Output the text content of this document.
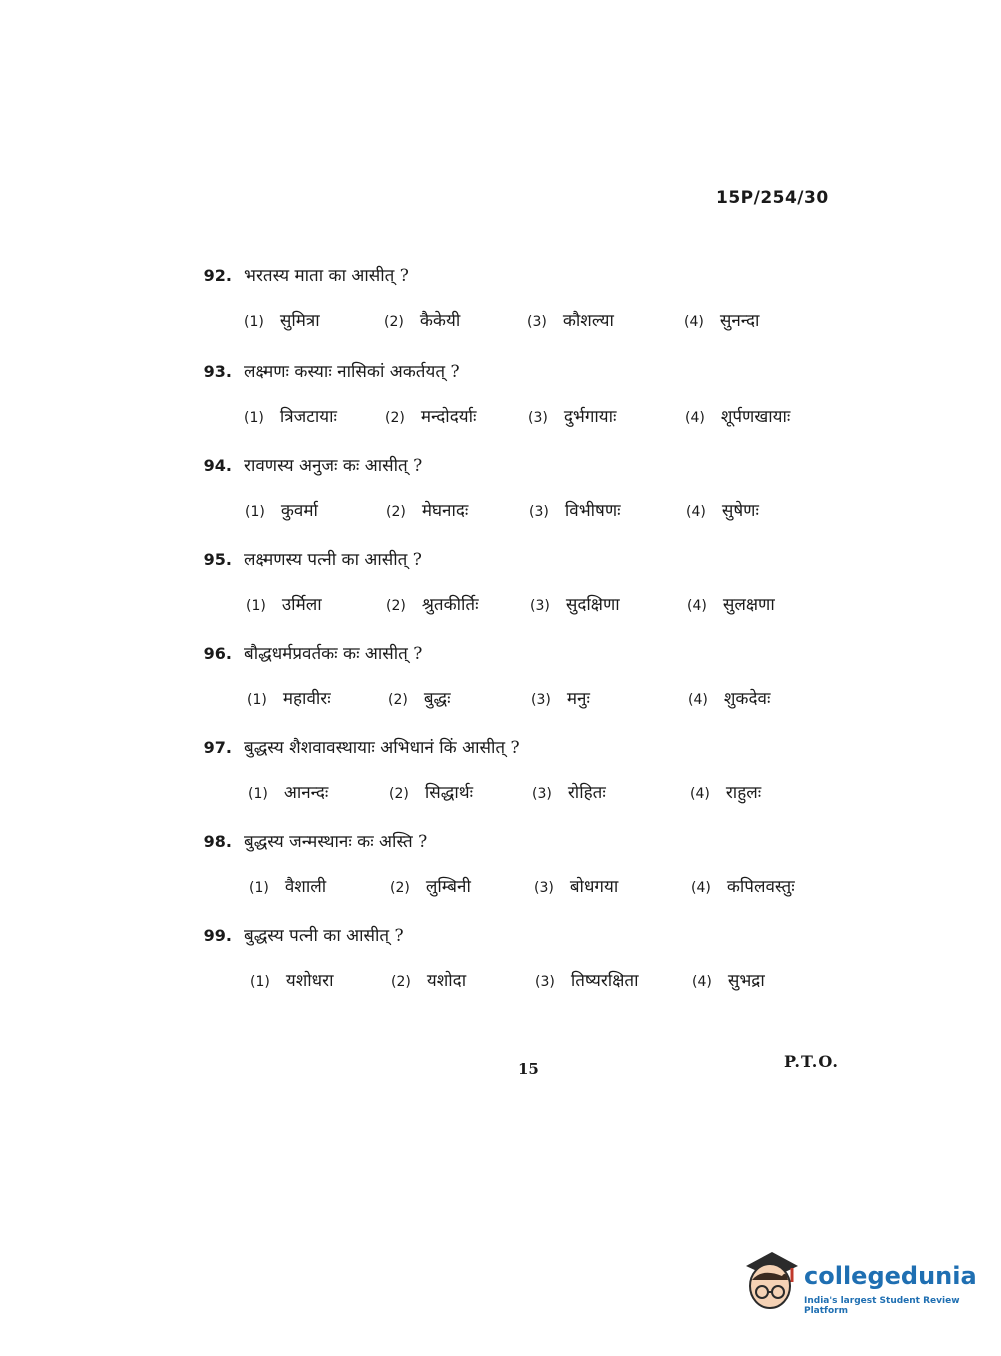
15P/254/30
92. भरतस्य माता का आसीत् ?
(1) सुमित्रा	(2) कैकेयी	(3) कौशल्या	(4) सुनन्दा
93. लक्ष्मणः कस्याः नासिकां अकर्तयत् ?
(1) त्रिजटायाः	(2) मन्दोदर्याः	(3) दुर्भगायाः	(4) शूर्पणखायाः
94. रावणस्य अनुजः कः आसीत् ?
(1) कुवर्मा	(2) मेघनादः	(3) विभीषणः	(4) सुषेणः
95. लक्ष्मणस्य पत्नी का आसीत् ?
(1) उर्मिला	(2) श्रुतकीर्तिः	(3) सुदक्षिणा	(4) सुलक्षणा
96. बौद्धधर्मप्रवर्तकः कः आसीत् ?
(1) महावीरः	(2) बुद्धः	(3) मनुः	(4) शुकदेवः
97. बुद्धस्य शैशवावस्थायाः अभिधानं किं आसीत् ?
(1) आनन्दः	(2) सिद्धार्थः	(3) रोहितः	(4) राहुलः
98. बुद्धस्य जन्मस्थानः कः अस्ति ?
(1) वैशाली	(2) लुम्बिनी	(3) बोधगया	(4) कपिलवस्तुः
99. बुद्धस्य पत्नी का आसीत् ?
(1) यशोधरा	(2) यशोदा	(3) तिष्यरक्षिता	(4) सुभद्रा
15	P.T.O.
collegedunia
India's largest Student Review Platform
